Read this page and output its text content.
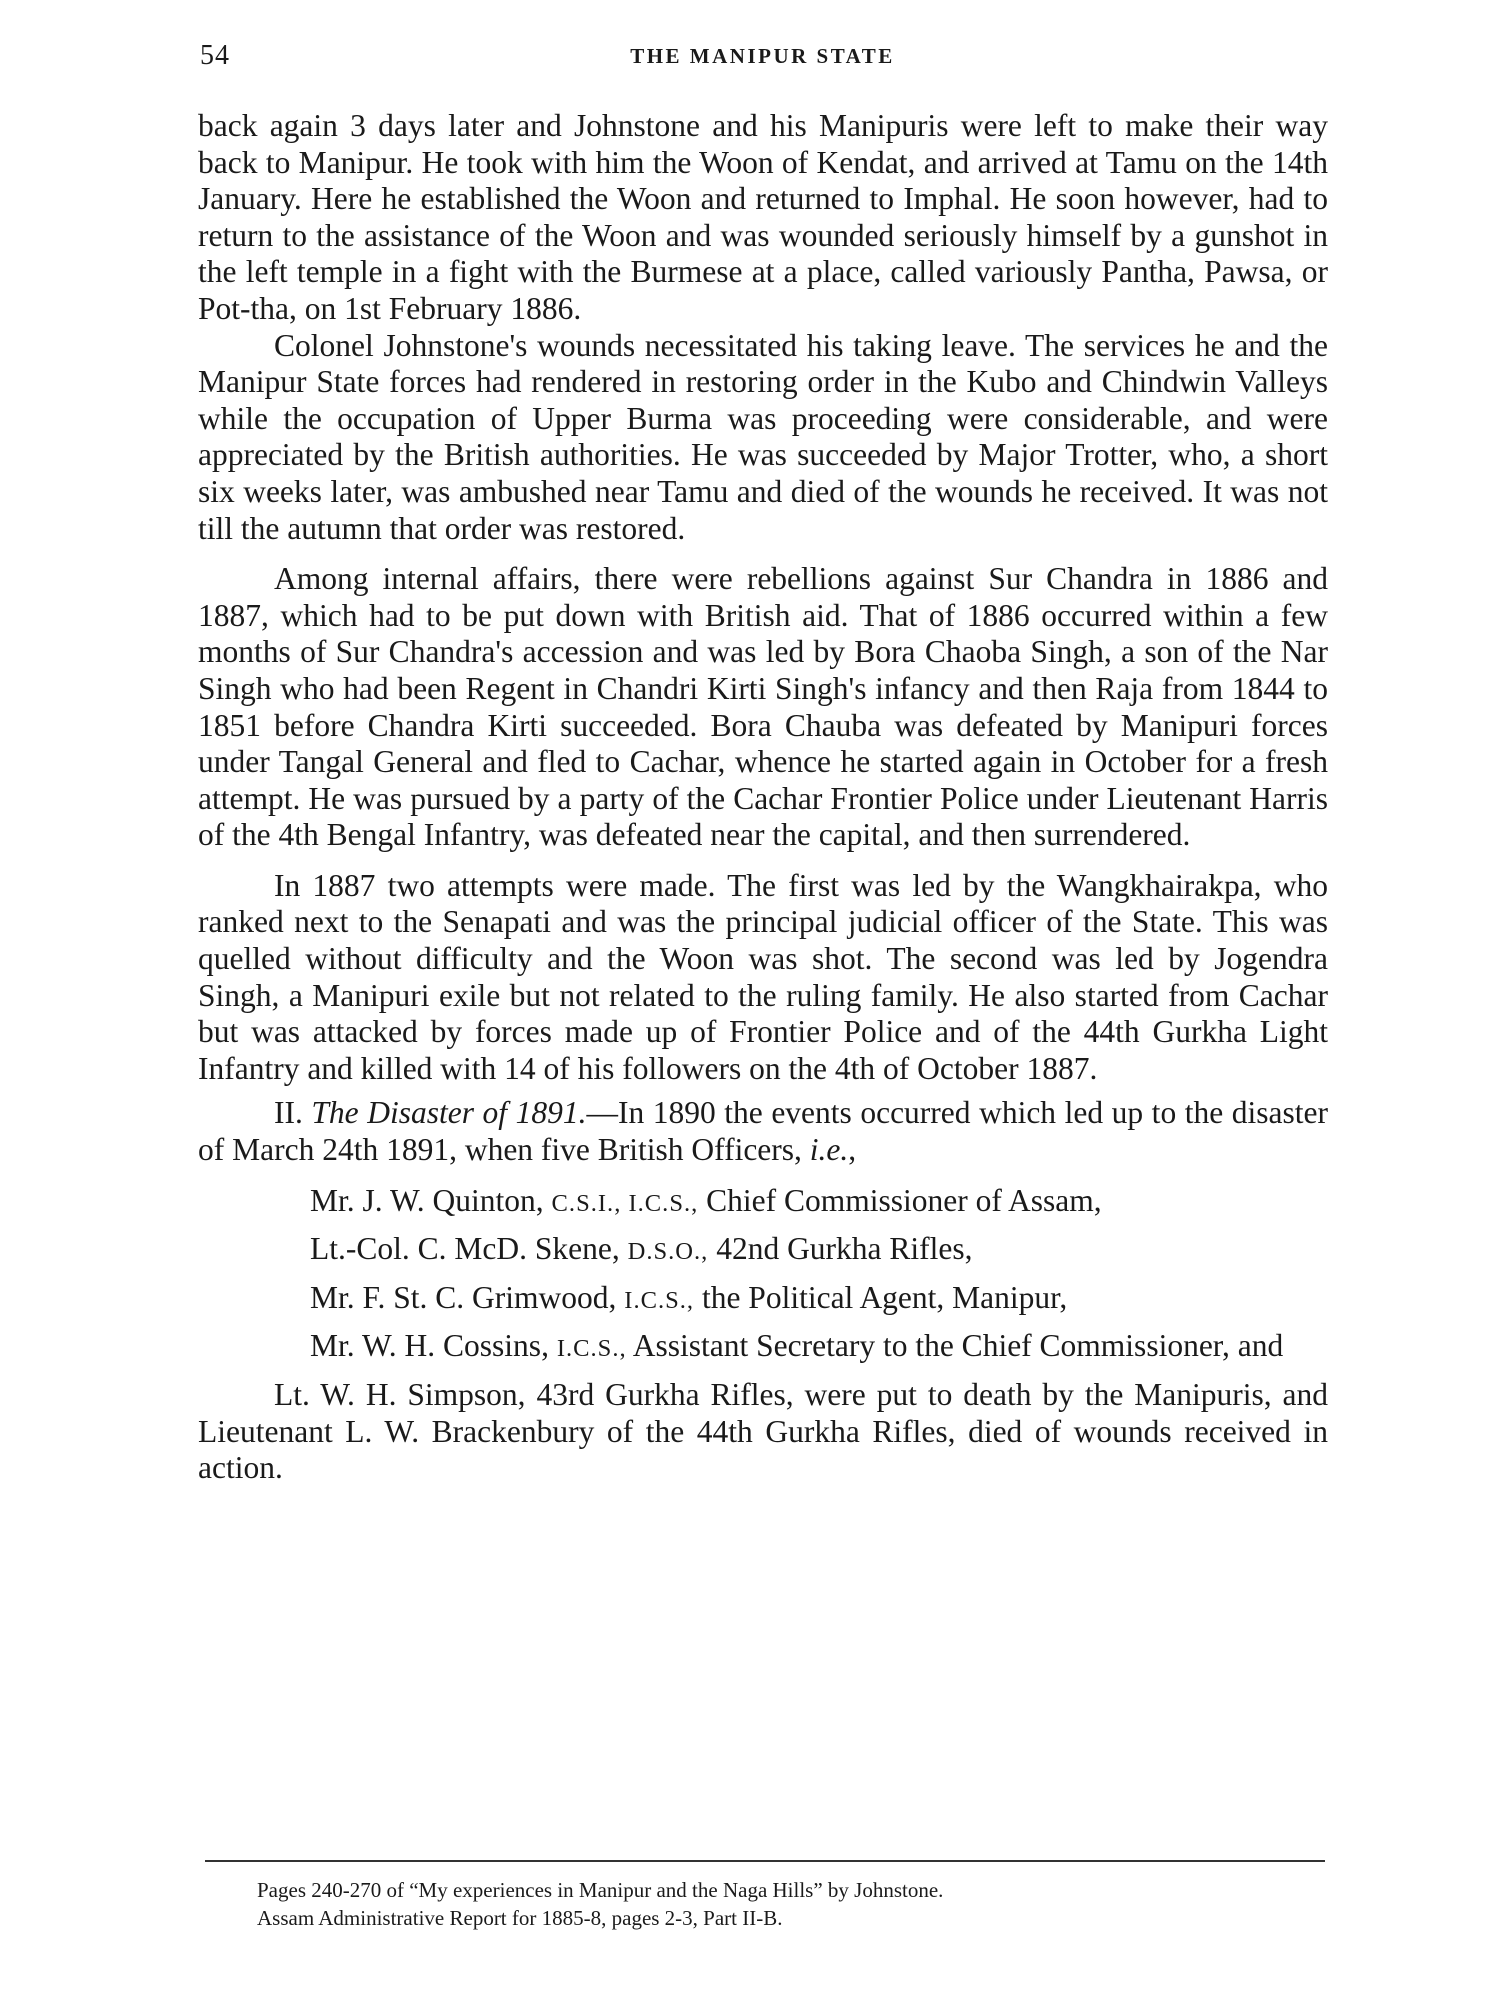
54	THE MANIPUR STATE

back again 3 days later and Johnstone and his Manipuris were left to make their way back to Manipur. He took with him the Woon of Kendat, and arrived at Tamu on the 14th January. Here he established the Woon and returned to Imphal. He soon however, had to return to the assistance of the Woon and was wounded seriously himself by a gunshot in the left temple in a fight with the Burmese at a place, called variously Pantha, Pawsa, or Pot-tha, on 1st February 1886.

Colonel Johnstone's wounds necessitated his taking leave. The services he and the Manipur State forces had rendered in restoring order in the Kubo and Chindwin Valleys while the occupation of Upper Burma was proceeding were considerable, and were appreciated by the British authorities. He was succeeded by Major Trotter, who, a short six weeks later, was ambushed near Tamu and died of the wounds he received. It was not till the autumn that order was restored.

Among internal affairs, there were rebellions against Sur Chandra in 1886 and 1887, which had to be put down with British aid. That of 1886 occurred within a few months of Sur Chandra's accession and was led by Bora Chaoba Singh, a son of the Nar Singh who had been Regent in Chandri Kirti Singh's infancy and then Raja from 1844 to 1851 before Chandra Kirti succeeded. Bora Chauba was defeated by Manipuri forces under Tangal General and fled to Cachar, whence he started again in October for a fresh attempt. He was pursued by a party of the Cachar Frontier Police under Lieutenant Harris of the 4th Bengal Infantry, was defeated near the capital, and then surrendered.

In 1887 two attempts were made. The first was led by the Wangkhairakpa, who ranked next to the Senapati and was the principal judicial officer of the State. This was quelled without difficulty and the Woon was shot. The second was led by Jogendra Singh, a Manipuri exile but not related to the ruling family. He also started from Cachar but was attacked by forces made up of Frontier Police and of the 44th Gurkha Light Infantry and killed with 14 of his followers on the 4th of October 1887.

II. The Disaster of 1891.—In 1890 the events occurred which led up to the disaster of March 24th 1891, when five British Officers, i.e.,

Mr. J. W. Quinton, C.S.I., I.C.S., Chief Commissioner of Assam,
Lt.-Col. C. McD. Skene, D.S.O., 42nd Gurkha Rifles,
Mr. F. St. C. Grimwood, I.C.S., the Political Agent, Manipur,
Mr. W. H. Cossins, I.C.S., Assistant Secretary to the Chief Commissioner, and

Lt. W. H. Simpson, 43rd Gurkha Rifles, were put to death by the Manipuris, and Lieutenant L. W. Brackenbury of the 44th Gurkha Rifles, died of wounds received in action.

Pages 240-270 of “My experiences in Manipur and the Naga Hills” by Johnstone.

Assam Administrative Report for 1885-8, pages 2-3, Part II-B.
